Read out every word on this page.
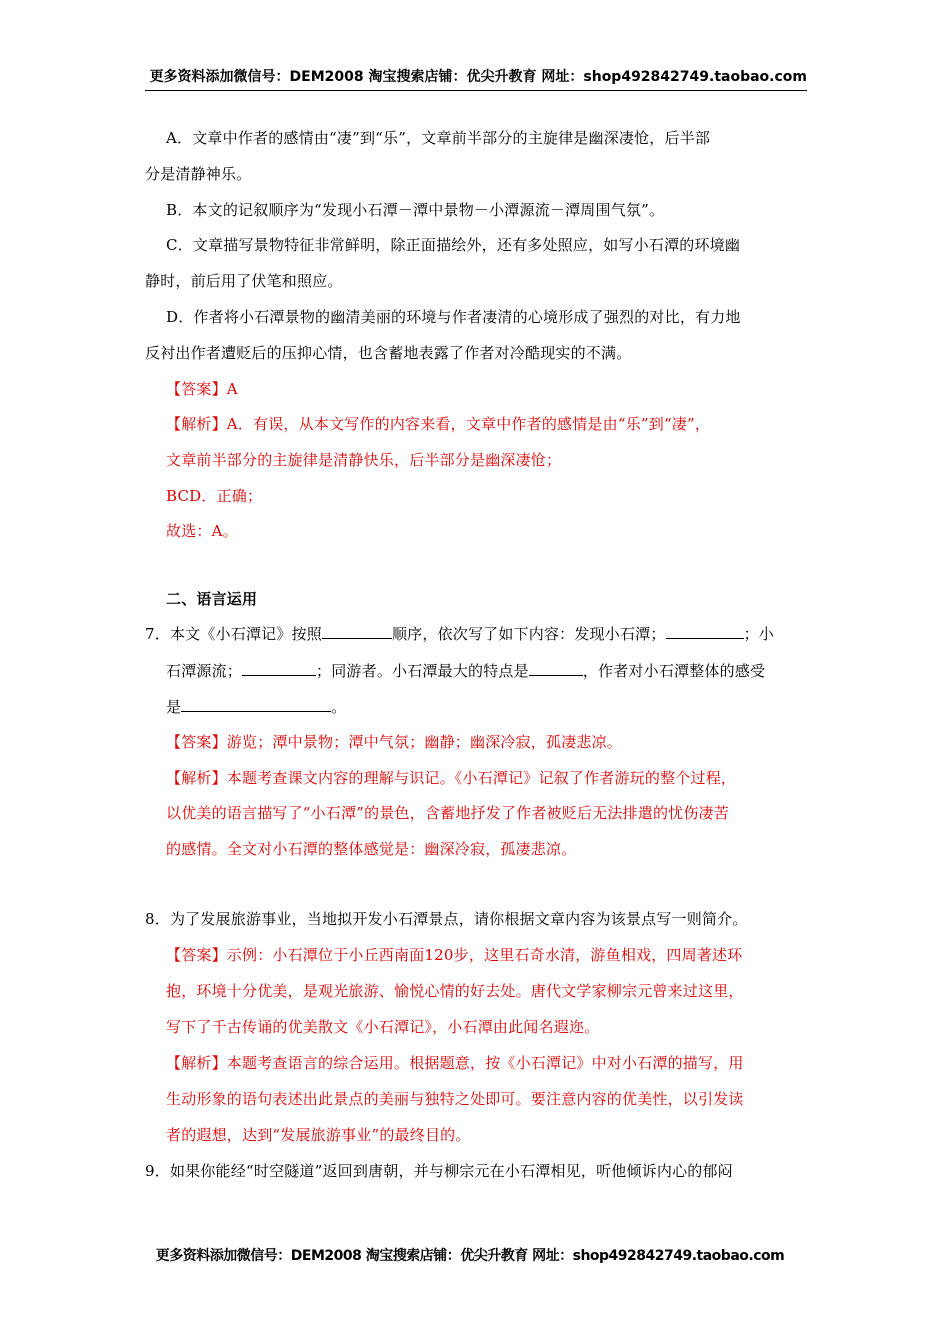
更多资料添加微信号：DEM2008 淘宝搜索店铺：优尖升教育 网址：shop492842749.taobao.com
A．文章中作者的感情由“凄”到“乐”，文章前半部分的主旋律是幽深凄怆，后半部
分是清静神乐。
B．本文的记叙顺序为“发现小石潭－潭中景物－小潭源流－潭周围气氛”。
C．文章描写景物特征非常鲜明，除正面描绘外，还有多处照应，如写小石潭的环境幽
静时，前后用了伏笔和照应。
D．作者将小石潭景物的幽清美丽的环境与作者凄清的心境形成了强烈的对比，有力地
反衬出作者遭贬后的压抑心情，也含蓄地表露了作者对冷酷现实的不满。
【答案】A
【解析】A．有误，从本文写作的内容来看，文章中作者的感情是由“乐”到“凄”，
文章前半部分的主旋律是清静快乐，后半部分是幽深凄怆；
BCD．正确；
故选：A。
二、语言运用
7．本文《小石潭记》按照	顺序，依次写了如下内容：发现小石潭；	；小
石潭源流；	；同游者。小石潭最大的特点是	，作者对小石潭整体的感受
是	。
【答案】游览；潭中景物；潭中气氛；幽静；幽深冷寂，孤凄悲凉。
【解析】本题考查课文内容的理解与识记。《小石潭记》记叙了作者游玩的整个过程，
以优美的语言描写了“小石潭”的景色，含蓄地抒发了作者被贬后无法排遣的忧伤凄苦
的感情。全文对小石潭的整体感觉是：幽深冷寂，孤凄悲凉。
8．为了发展旅游事业，当地拟开发小石潭景点，请你根据文章内容为该景点写一则简介。
【答案】示例：小石潭位于小丘西南面120步，这里石奇水清，游鱼相戏，四周著述环
抱，环境十分优美，是观光旅游、愉悦心情的好去处。唐代文学家柳宗元曾来过这里，
写下了千古传诵的优美散文《小石潭记》，小石潭由此闻名遐迩。
【解析】本题考查语言的综合运用。根据题意，按《小石潭记》中对小石潭的描写，用
生动形象的语句表述出此景点的美丽与独特之处即可。要注意内容的优美性，以引发读
者的遐想，达到“发展旅游事业”的最终目的。
9．如果你能经“时空隧道”返回到唐朝，并与柳宗元在小石潭相见，听他倾诉内心的郁闷
更多资料添加微信号：DEM2008 淘宝搜索店铺：优尖升教育 网址：shop492842749.taobao.com
